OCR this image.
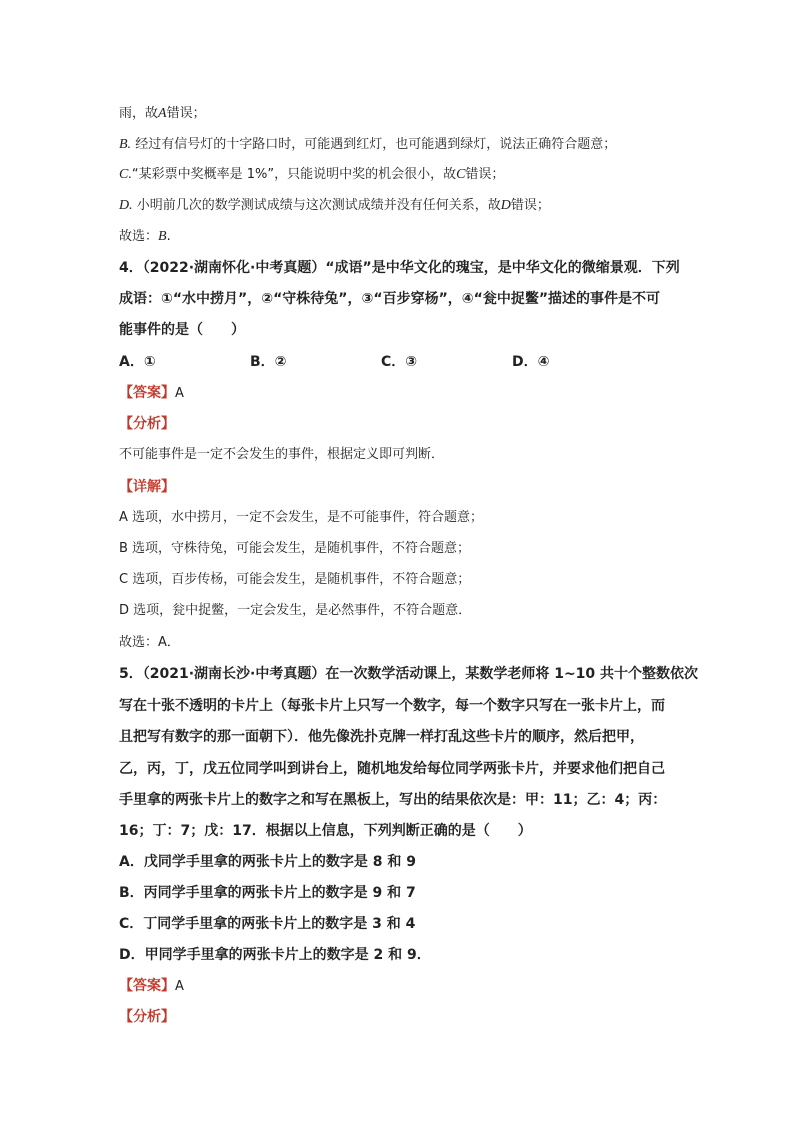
雨，故A错误；
B. 经过有信号灯的十字路口时，可能遇到红灯，也可能遇到绿灯，说法正确符合题意；
C.“某彩票中奖概率是 1%”，只能说明中奖的机会很小，故C错误；
D. 小明前几次的数学测试成绩与这次测试成绩并没有任何关系，故D错误；
故选：B.
4．（2022·湖南怀化·中考真题）“成语”是中华文化的瑰宝，是中华文化的微缩景观．下列
成语：①“水中捞月”，②“守株待兔”，③“百步穿杨”，④“瓮中捉鳖”描述的事件是不可
能事件的是（　　）
A．①	B．②	C．③	D．④
【答案】A
【分析】
不可能事件是一定不会发生的事件，根据定义即可判断．
【详解】
A 选项，水中捞月，一定不会发生，是不可能事件，符合题意；
B 选项，守株待兔，可能会发生，是随机事件，不符合题意；
C 选项，百步传杨，可能会发生，是随机事件，不符合题意；
D 选项，瓮中捉鳖，一定会发生，是必然事件，不符合题意．
故选：A．
5．（2021·湖南长沙·中考真题）在一次数学活动课上，某数学老师将 1~10 共十个整数依次
写在十张不透明的卡片上（每张卡片上只写一个数字，每一个数字只写在一张卡片上，而
且把写有数字的那一面朝下）．他先像洗扑克牌一样打乱这些卡片的顺序，然后把甲，
乙，丙，丁，戊五位同学叫到讲台上，随机地发给每位同学两张卡片，并要求他们把自己
手里拿的两张卡片上的数字之和写在黑板上，写出的结果依次是：甲：11；乙：4；丙：
16；丁：7；戊：17．根据以上信息，下列判断正确的是（　　）
A．戊同学手里拿的两张卡片上的数字是 8 和 9
B．丙同学手里拿的两张卡片上的数字是 9 和 7
C．丁同学手里拿的两张卡片上的数字是 3 和 4
D．甲同学手里拿的两张卡片上的数字是 2 和 9．
【答案】A
【分析】
